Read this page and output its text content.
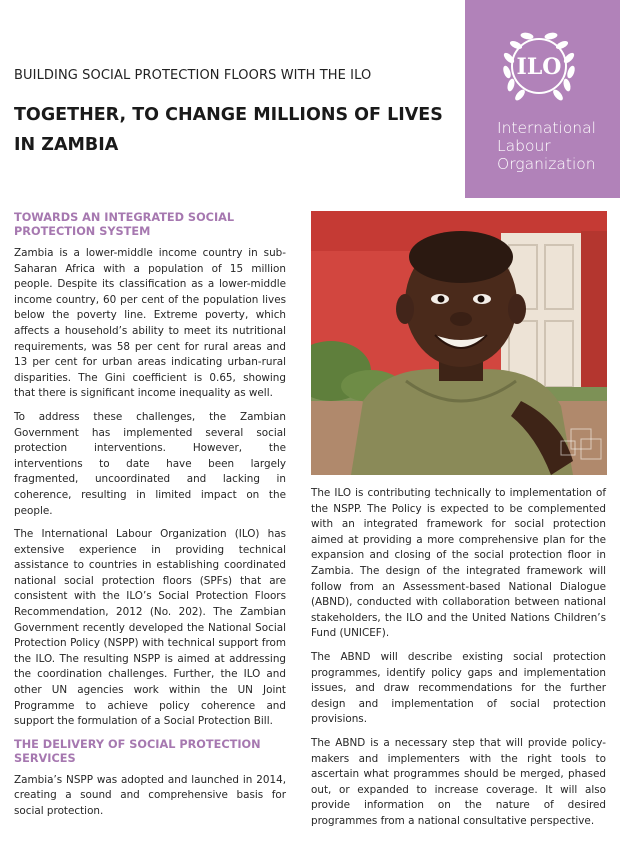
BUILDING SOCIAL PROTECTION FLOORS WITH THE ILO
TOGETHER, TO CHANGE MILLIONS OF LIVES IN ZAMBIA
ILO
International
Labour
Organization
TOWARDS AN INTEGRATED SOCIAL PROTECTION SYSTEM

Zambia is a lower-middle income country in sub-Saharan Africa with a population of 15 million people. Despite its classification as a lower-middle income country, 60 per cent of the population lives below the poverty line. Extreme poverty, which affects a household’s ability to meet its nutritional requirements, was 58 per cent for rural areas and 13 per cent for urban areas indicating urban-rural disparities. The Gini coefficient is 0.65, showing that there is significant income inequality as well.

To address these challenges, the Zambian Government has implemented several social protection interventions. However, the interventions to date have been largely fragmented, uncoordinated and lacking in coherence, resulting in limited impact on the people.

The International Labour Organization (ILO) has extensive experience in providing technical assistance to countries in establishing coordinated national social protection floors (SPFs) that are consistent with the ILO’s Social Protection Floors Recommendation, 2012 (No. 202). The Zambian Government recently developed the National Social Protection Policy (NSPP) with technical support from the ILO. The resulting NSPP is aimed at addressing the coordination challenges. Further, the ILO and other UN agencies work within the UN Joint Programme to achieve policy coherence and support the formulation of a Social Protection Bill.

THE DELIVERY OF SOCIAL PROTECTION SERVICES

Zambia’s NSPP was adopted and launched in 2014, creating a sound and comprehensive basis for social protection.

The ILO is contributing technically to implementation of the NSPP. The Policy is expected to be complemented with an integrated framework for social protection aimed at providing a more comprehensive plan for the expansion and closing of the social protection floor in Zambia. The design of the integrated framework will follow from an Assessment-based National Dialogue (ABND), conducted with collaboration between national stakeholders, the ILO and the United Nations Children’s Fund (UNICEF).

The ABND will describe existing social protection programmes, identify policy gaps and implementation issues, and draw recommendations for the further design and implementation of social protection provisions.

The ABND is a necessary step that will provide policy-makers and implementers with the right tools to ascertain what programmes should be merged, phased out, or expanded to increase coverage. It will also provide information on the nature of desired programmes from a national consultative perspective.
